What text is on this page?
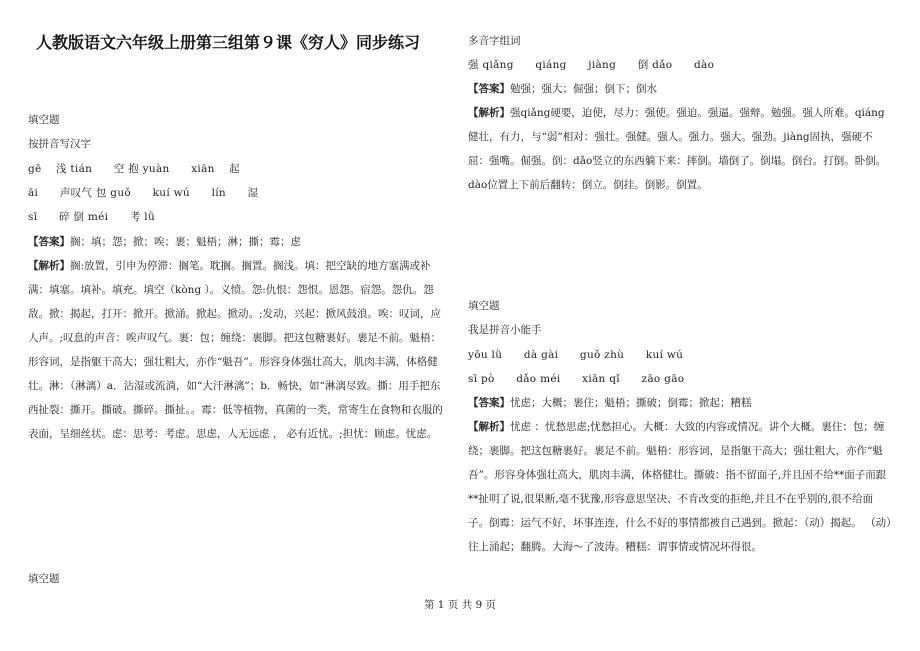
人教版语文六年级上册第三组第９课《穷人》同步练习
填空题
按拼音写汉字
gē　 浅 tián　　空 抱 yuàn　　xiān　 起
āi　　声叹气 包 guǒ　　kuí wú　　lín　　湿
sī　　碎 倒 méi　　考 lǜ
【答案】搁；填；怨；掀；唉；裹；魁梧；淋；撕；霉；虑
【解析】搁:放置，引申为停滞：搁笔。耽搁。搁置。搁浅。填：把空缺的地方塞满或补满：填塞。填补。填充。填空（kòng ）。义愤。怨:仇恨：怨恨。恩怨。宿怨。怨仇。怨敌。掀：揭起，打开：掀开。掀涌。掀起。掀动。;发动，兴起：掀风鼓浪。唉：叹词，应人声。;叹息的声音：唉声叹气。裹：包；缠绕：裹脚。把这包糖裹好。裹足不前。魁梧：形容词，是指躯干高大；强壮粗大，亦作“魁吾”。形容身体强壮高大，肌肉丰满，体格健壮。淋：（淋漓）a．沾湿或流淌，如“大汗淋漓”；b．畅快，如“淋漓尽致。撕：用手把东西扯裂：撕开。撕破。撕碎。撕扯。。霉：低等植物，真菌的一类，常寄生在食物和衣服的表面，呈细丝状。虑：思考：考虑。思虑，人无远虑 ， 必有近忧。;担忧：顾虑。忧虑。
填空题
多音字组词
强 qiǎng　　qiáng　　jiàng　　倒 dǎo　　dào
【答案】勉强；强大；倔强；倒下；倒水
【解析】强qiǎng硬要，迫使，尽力：强使。强迫。强逼。强辩。勉强。强人所难。qiáng健壮，有力，与“弱”相对：强壮。强健。强人。强力。强大。强劲。jiàng固执，强硬不屈：强嘴。倔强。倒：dǎo竖立的东西躺下来：摔倒。墙倒了。倒塌。倒台。打倒。卧倒。dào位置上下前后翻转：倒立。倒挂。倒影。倒置。
填空题
我是拼音小能手
yōu lǜ　　dà gài　　guǒ zhù　　kuí wú
sī pò　　dǎo méi　　xiān qǐ　　zāo gāo
【答案】忧虑；大概；裹住；魁梧；撕破；倒霉；掀起；糟糕
【解析】忧虑 ：忧愁思虑;忧愁担心。大概：大致的内容或情况。讲个大概。裹住：包；缠绕；裹脚。把这包糖裹好。裹足不前。魁梧：形容词，是指躯干高大；强壮粗大，亦作“魁吾”。形容身体强壮高大，肌肉丰满，体格健壮。撕破：指不留面子,并且因不给**面子而跟**扯明了说,很果断,毫不犹豫,形容意思坚决、不肯改变的拒绝,并且不在乎别的,很不给面子。倒霉：运气不好，坏事连连，什么不好的事情都被自己遇到。掀起：（动）揭起。 （动）往上涌起；翻腾。大海～了波涛。糟糕：谓事情或情况坏得很。
第 1 页 共 9 页
